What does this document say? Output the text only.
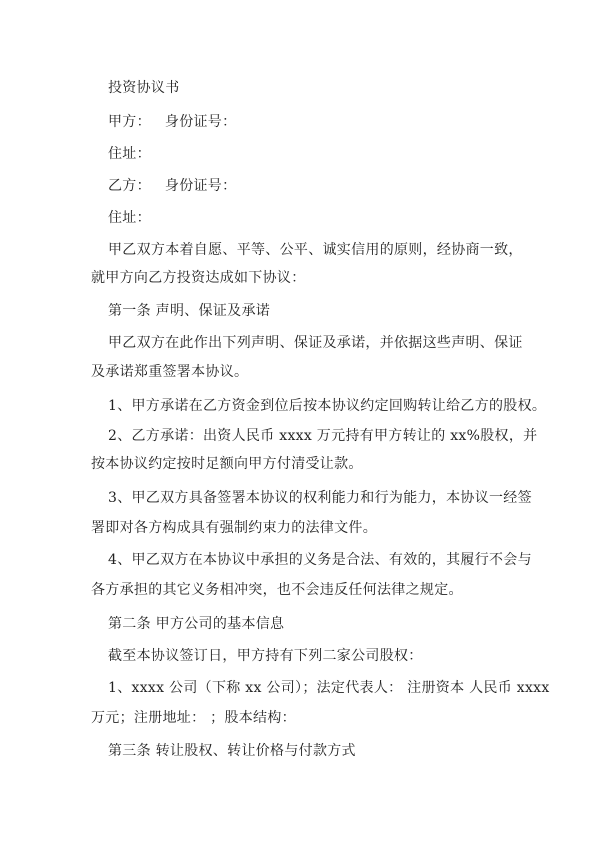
投资协议书
甲方： 身份证号：
住址：
乙方： 身份证号：
住址：
甲乙双方本着自愿、平等、公平、诚实信用的原则，经协商一致，
就甲方向乙方投资达成如下协议：
第一条 声明、保证及承诺
甲乙双方在此作出下列声明、保证及承诺，并依据这些声明、保证
及承诺郑重签署本协议。
1、甲方承诺在乙方资金到位后按本协议约定回购转让给乙方的股权。
2、乙方承诺：出资人民币 xxxx 万元持有甲方转让的 xx%股权，并
按本协议约定按时足额向甲方付清受让款。
3、甲乙双方具备签署本协议的权利能力和行为能力，本协议一经签
署即对各方构成具有强制约束力的法律文件。
4、甲乙双方在本协议中承担的义务是合法、有效的，其履行不会与
各方承担的其它义务相冲突，也不会违反任何法律之规定。
第二条 甲方公司的基本信息
截至本协议签订日，甲方持有下列二家公司股权：
1、xxxx 公司（下称 xx 公司）；法定代表人： 注册资本 人民币 xxxx
万元；注册地址： ；股本结构：
第三条 转让股权、转让价格与付款方式
